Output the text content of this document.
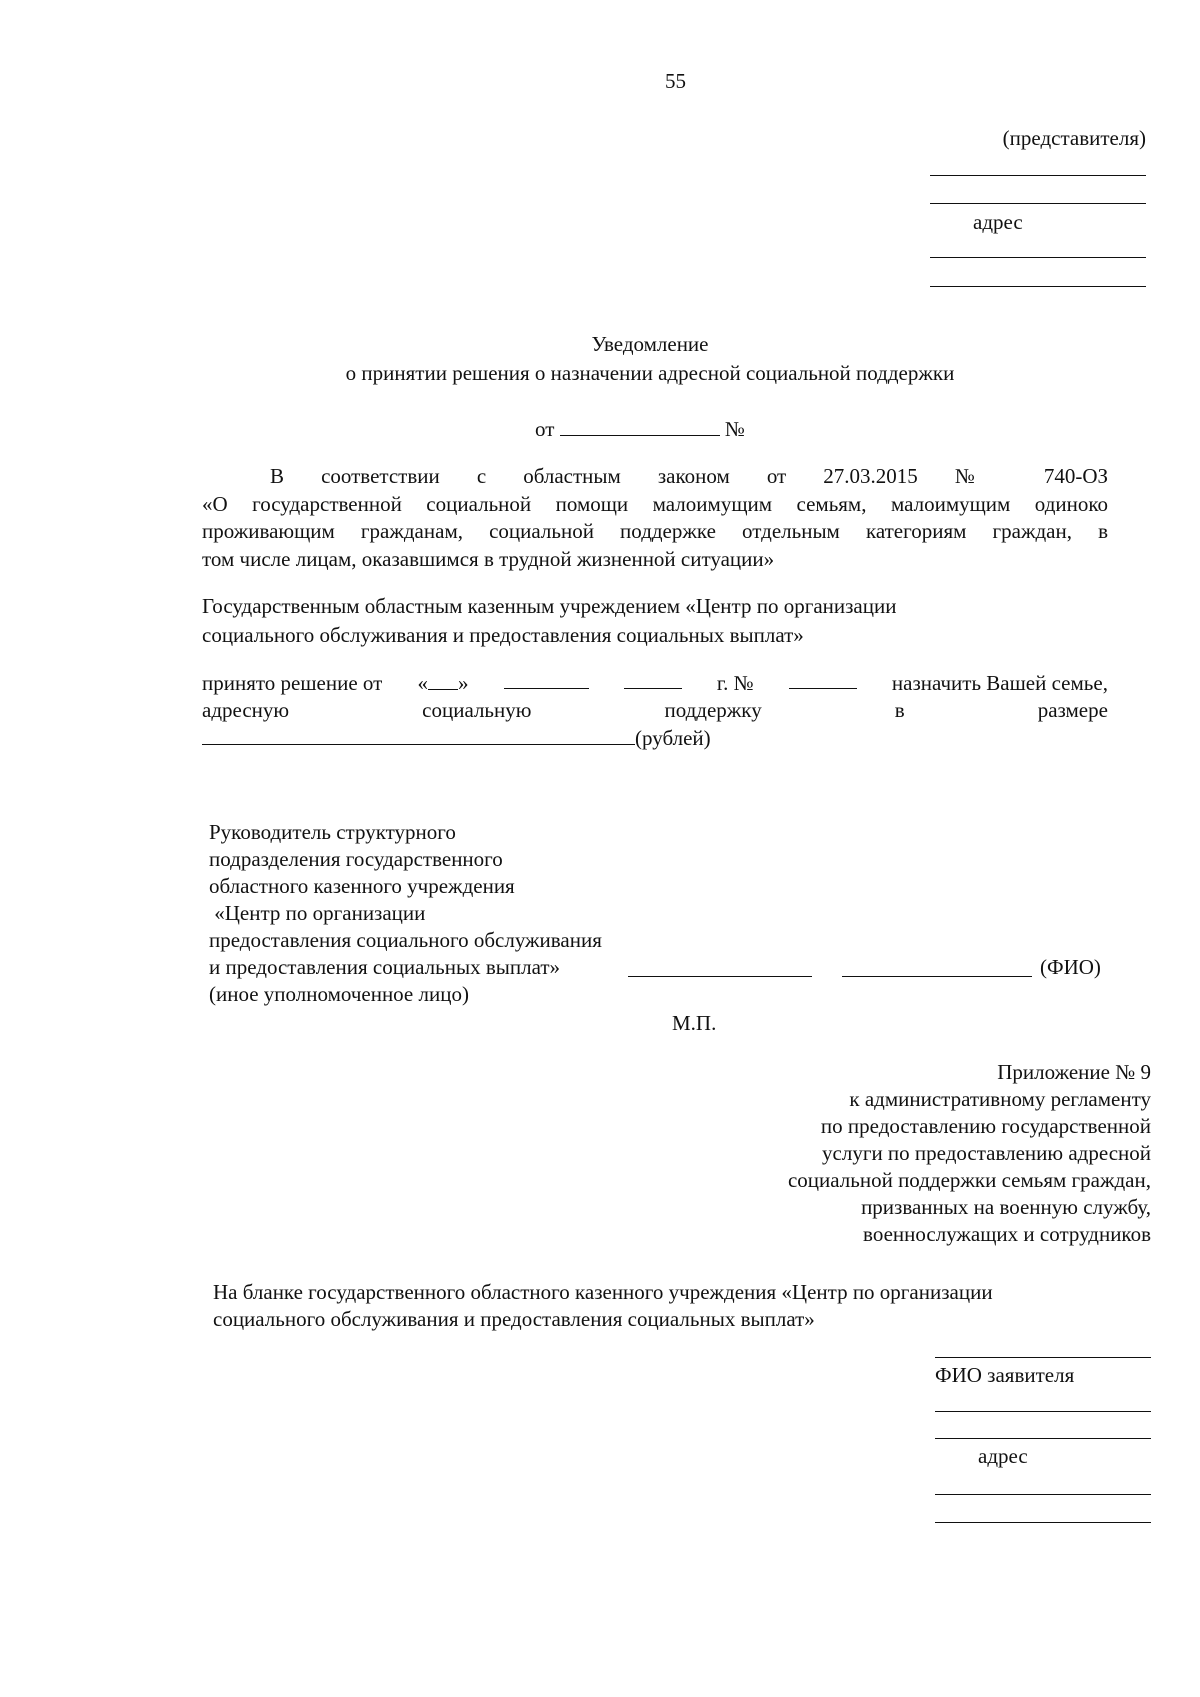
55
(представителя)
адрес
Уведомление
о принятии решения о назначении адресной социальной поддержки
от	№
В соответствии с областным законом от 27.03.2015 № 740-ОЗ
«О государственной социальной помощи малоимущим семьям, малоимущим одиноко
проживающим гражданам, социальной поддержке отдельным категориям граждан, в
том числе лицам, оказавшимся в трудной жизненной ситуации»
Государственным областным казенным учреждением «Центр по организации
социального обслуживания и предоставления социальных выплат»
принято решение от « »	г. №	назначить Вашей семье,
адресную	социальную	поддержку	в	размере
(рублей)
Руководитель структурного
подразделения государственного
областного казенного учреждения
«Центр по организации
предоставления социального обслуживания
и предоставления социальных выплат»	(ФИО)
(иное уполномоченное лицо)
М.П.
Приложение № 9
к административному регламенту
по предоставлению государственной
услуги по предоставлению адресной
социальной поддержки семьям граждан,
призванных на военную службу,
военнослужащих и сотрудников
На бланке государственного областного казенного учреждения «Центр по организации
социального обслуживания и предоставления социальных выплат»
ФИО заявителя
адрес
